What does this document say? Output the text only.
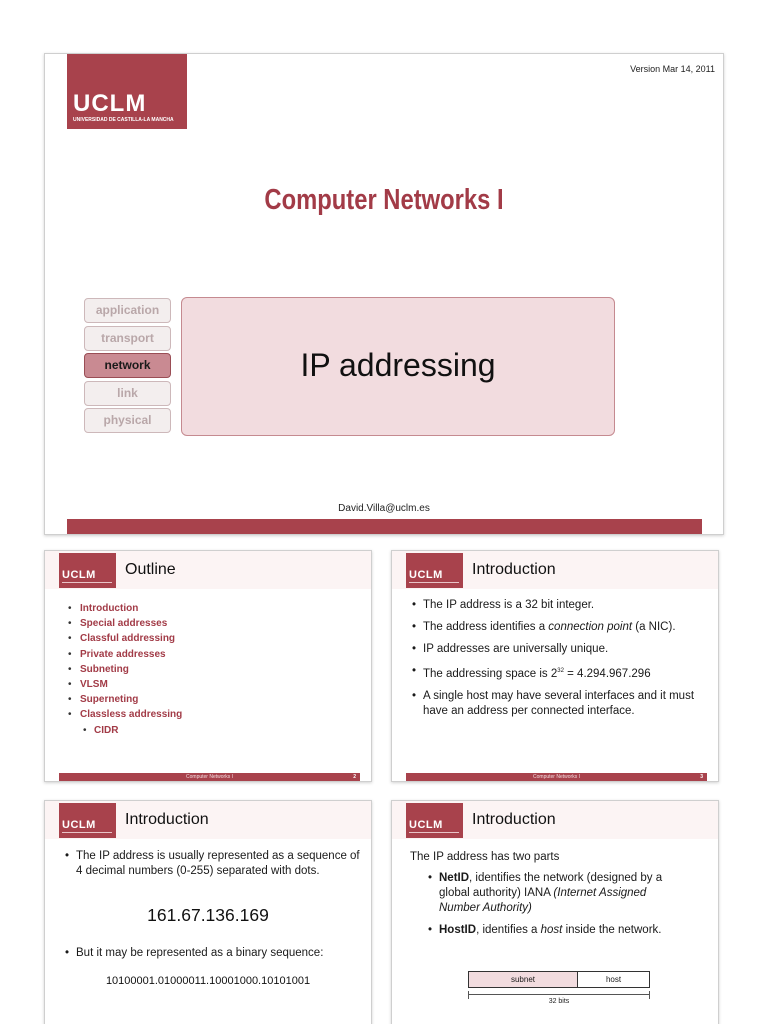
UCLM
UNIVERSIDAD DE CASTILLA-LA MANCHA
Version Mar 14, 2011
Computer Networks I
application
transport
network
link
physical
IP addressing
David.Villa@uclm.es
UCLM Outline
• Introduction
• Special addresses
• Classful addressing
• Private addresses
• Subneting
• VLSM
• Superneting
• Classless addressing
• CIDR
Computer Networks I	2
UCLM Introduction
• The IP address is a 32 bit integer.
• The address identifies a connection point (a NIC).
• IP addresses are universally unique.
• The addressing space is $2^{32} = 4.294.967.296$
• A single host may have several interfaces and it must have an address per connected interface.
Computer Networks I	3
UCLM Introduction
• The IP address is usually represented as a sequence of 4 decimal numbers (0-255) separated with dots.
161.67.136.169
• But it may be represented as a binary sequence:
10100001.01000011.10001000.10101001
UCLM Introduction
The IP address has two parts
• NetID, identifies the network (designed by a global authority) IANA (Internet Assigned Number Authority)
• HostID, identifies a host inside the network.
subnet	host
32 bits
